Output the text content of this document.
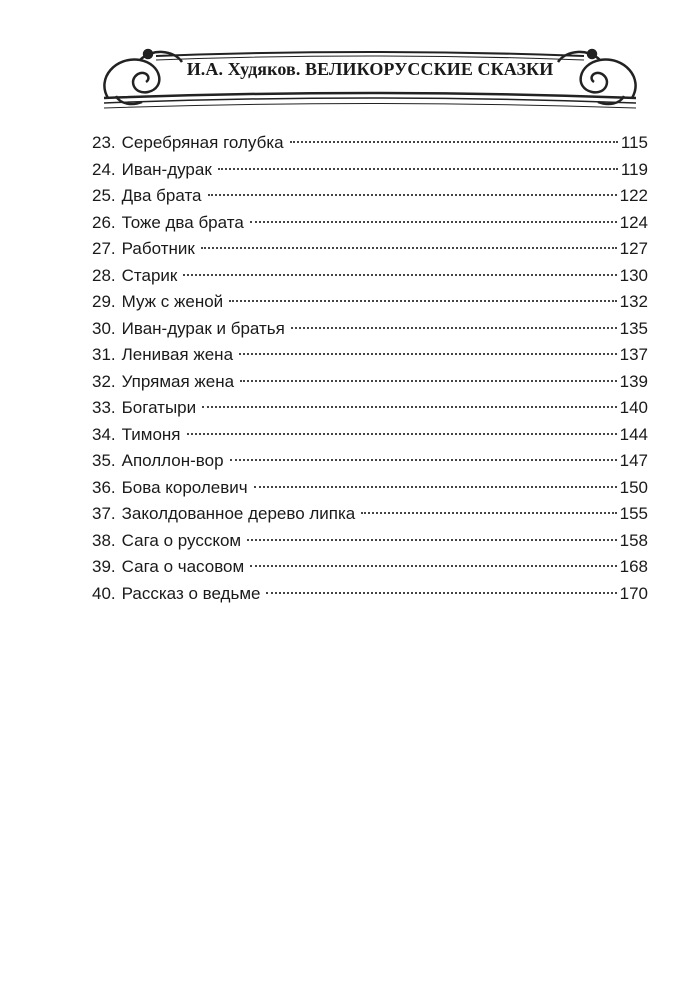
И.А. Худяков. ВЕЛИКОРУССКИЕ СКАЗКИ
23. Серебряная голубка	115
24. Иван-дурак	119
25. Два брата	122
26. Тоже два брата	124
27. Работник	127
28. Старик	130
29. Муж с женой	132
30. Иван-дурак и братья	135
31. Ленивая жена	137
32. Упрямая жена	139
33. Богатыри	140
34. Тимоня	144
35. Аполлон-вор	147
36. Бова королевич	150
37. Заколдованное дерево липка	155
38. Сага о русском	158
39. Сага о часовом	168
40. Рассказ о ведьме	170
